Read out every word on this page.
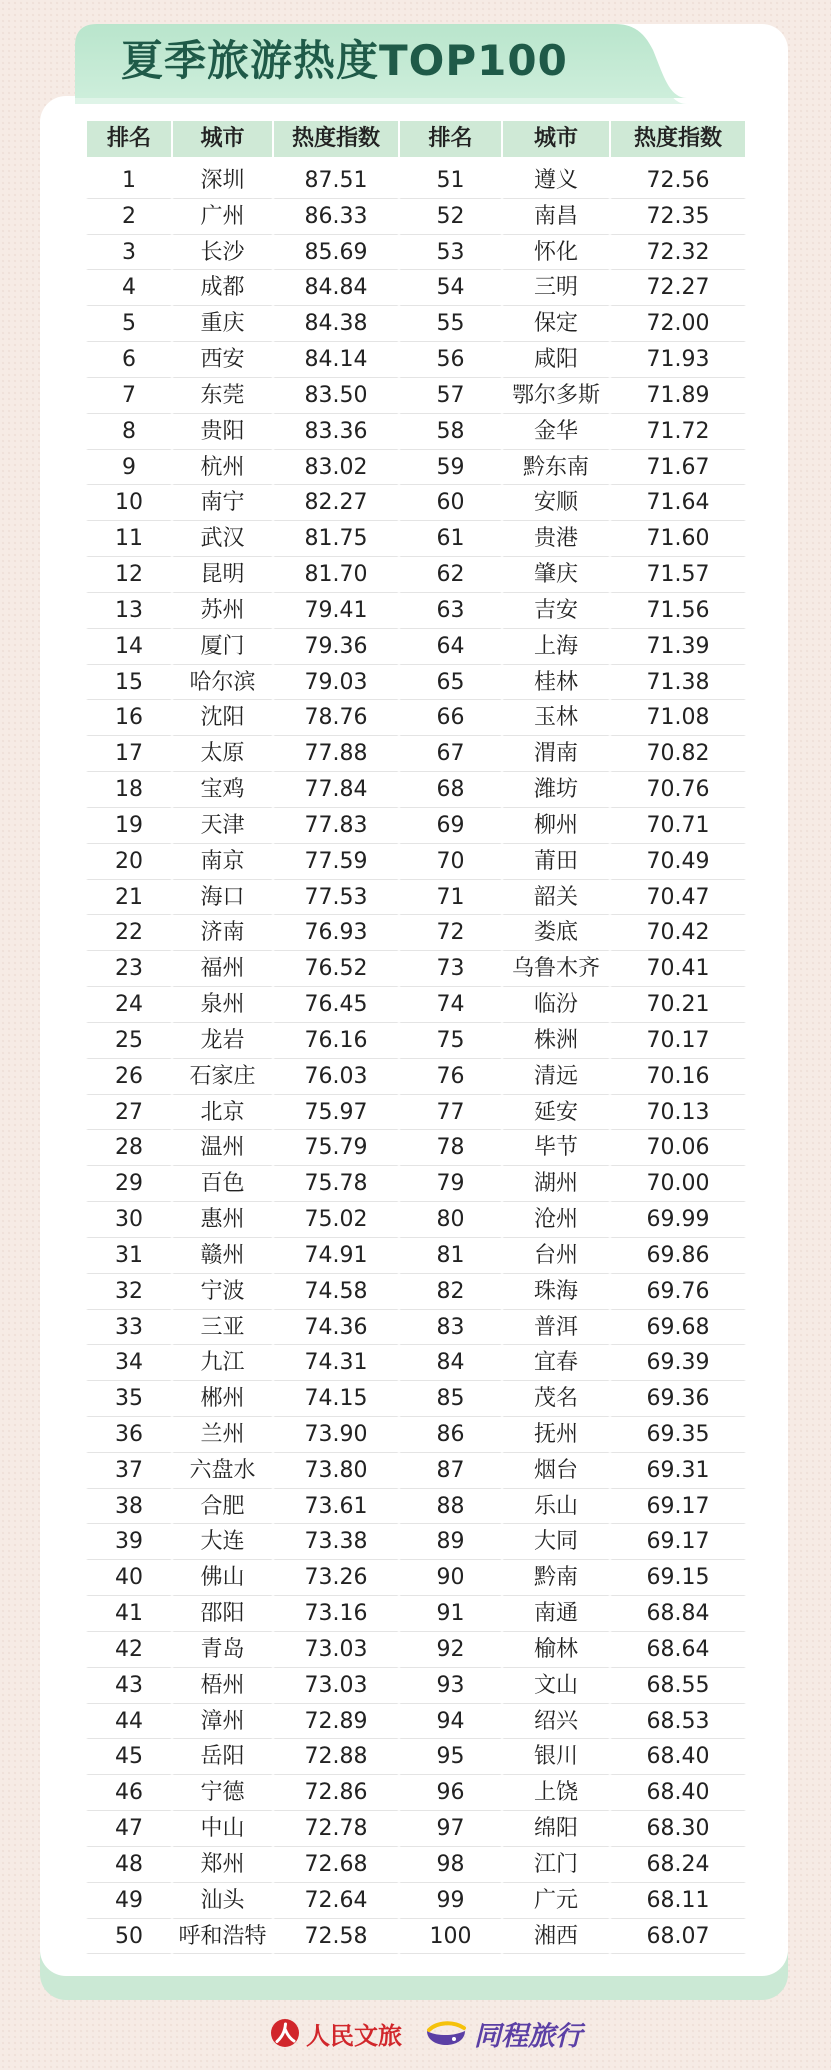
夏季旅游热度TOP100
排名	城市	热度指数	排名	城市	热度指数
1	深圳	87.51	51	遵义	72.56
2	广州	86.33	52	南昌	72.35
3	长沙	85.69	53	怀化	72.32
4	成都	84.84	54	三明	72.27
5	重庆	84.38	55	保定	72.00
6	西安	84.14	56	咸阳	71.93
7	东莞	83.50	57	鄂尔多斯	71.89
8	贵阳	83.36	58	金华	71.72
9	杭州	83.02	59	黔东南	71.67
10	南宁	82.27	60	安顺	71.64
11	武汉	81.75	61	贵港	71.60
12	昆明	81.70	62	肇庆	71.57
13	苏州	79.41	63	吉安	71.56
14	厦门	79.36	64	上海	71.39
15	哈尔滨	79.03	65	桂林	71.38
16	沈阳	78.76	66	玉林	71.08
17	太原	77.88	67	渭南	70.82
18	宝鸡	77.84	68	潍坊	70.76
19	天津	77.83	69	柳州	70.71
20	南京	77.59	70	莆田	70.49
21	海口	77.53	71	韶关	70.47
22	济南	76.93	72	娄底	70.42
23	福州	76.52	73	乌鲁木齐	70.41
24	泉州	76.45	74	临汾	70.21
25	龙岩	76.16	75	株洲	70.17
26	石家庄	76.03	76	清远	70.16
27	北京	75.97	77	延安	70.13
28	温州	75.79	78	毕节	70.06
29	百色	75.78	79	湖州	70.00
30	惠州	75.02	80	沧州	69.99
31	赣州	74.91	81	台州	69.86
32	宁波	74.58	82	珠海	69.76
33	三亚	74.36	83	普洱	69.68
34	九江	74.31	84	宜春	69.39
35	郴州	74.15	85	茂名	69.36
36	兰州	73.90	86	抚州	69.35
37	六盘水	73.80	87	烟台	69.31
38	合肥	73.61	88	乐山	69.17
39	大连	73.38	89	大同	69.17
40	佛山	73.26	90	黔南	69.15
41	邵阳	73.16	91	南通	68.84
42	青岛	73.03	92	榆林	68.64
43	梧州	73.03	93	文山	68.55
44	漳州	72.89	94	绍兴	68.53
45	岳阳	72.88	95	银川	68.40
46	宁德	72.86	96	上饶	68.40
47	中山	72.78	97	绵阳	68.30
48	郑州	72.68	98	江门	68.24
49	汕头	72.64	99	广元	68.11
50	呼和浩特	72.58	100	湘西	68.07
人民文旅	同程旅行
